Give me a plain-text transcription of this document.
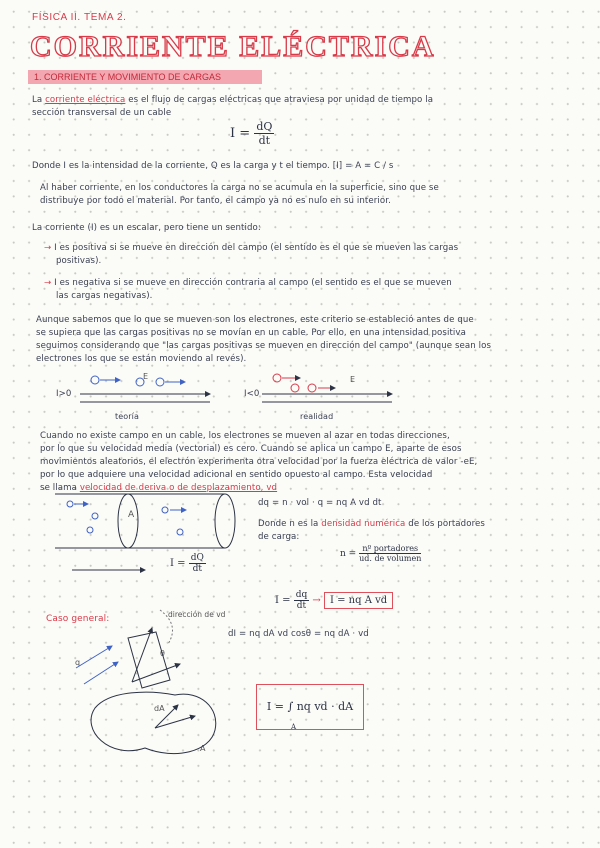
FÍSICA II. TEMA 2.
CORRIENTE ELÉCTRICA
1. CORRIENTE Y MOVIMIENTO DE CARGAS
La corriente eléctrica es el flujo de cargas eléctricas que atraviesa por unidad de tiempo la
sección transversal de un cable
$I = \frac{dQ}{dt}$
Donde I es la intensidad de la corriente, Q es la carga y t el tiempo. [I] = A = C / s
Al haber corriente, en los conductores la carga no se acumula en la superficie, sino que se
distribuye por todo el material. Por tanto, el campo ya no es nulo en su interior.
La corriente (I) es un escalar, pero tiene un sentido:
→ I es positiva si se mueve en dirección del campo (el sentido es el que se mueven las cargas
positivas).
→ I es negativa si se mueve en dirección contraria al campo (el sentido es el que se mueven
las cargas negativas).
Aunque sabemos que lo que se mueven son los electrones, este criterio se estableció antes de que
se supiera que las cargas positivas no se movían en un cable. Por ello, en una intensidad positiva
seguimos considerando que "las cargas positivas se mueven en dirección del campo" (aunque sean los
electrones los que se están moviendo al revés).
I>0
teoría
I<0
realidad
E	E
Cuando no existe campo en un cable, los electrones se mueven al azar en todas direcciones,
por lo que su velocidad media (vectorial) es cero. Cuando se aplica un campo E, aparte de esos
movimientos aleatorios, el electrón experimenta otra velocidad por la fuerza eléctrica de valor -eE,
por lo que adquiere una velocidad adicional en sentido opuesto al campo. Esta velocidad
se llama velocidad de deriva o de desplazamiento, vd
A
dq = n · vol · q = nq A vd dt
Donde n es la densidad numérica de los portadores
de carga:
$n = \frac{\text{nº portadores}}{\text{ud. de volumen}}$
$I = \frac{dQ}{dt}$
$I = \frac{dq}{dt} \to I$ = nq A vd
Caso general:	dirección de vd
dI = nq dA vd cosθ = nq dA · vd
I = ∫ nq vd · dA
A
q
θ
dA
A
